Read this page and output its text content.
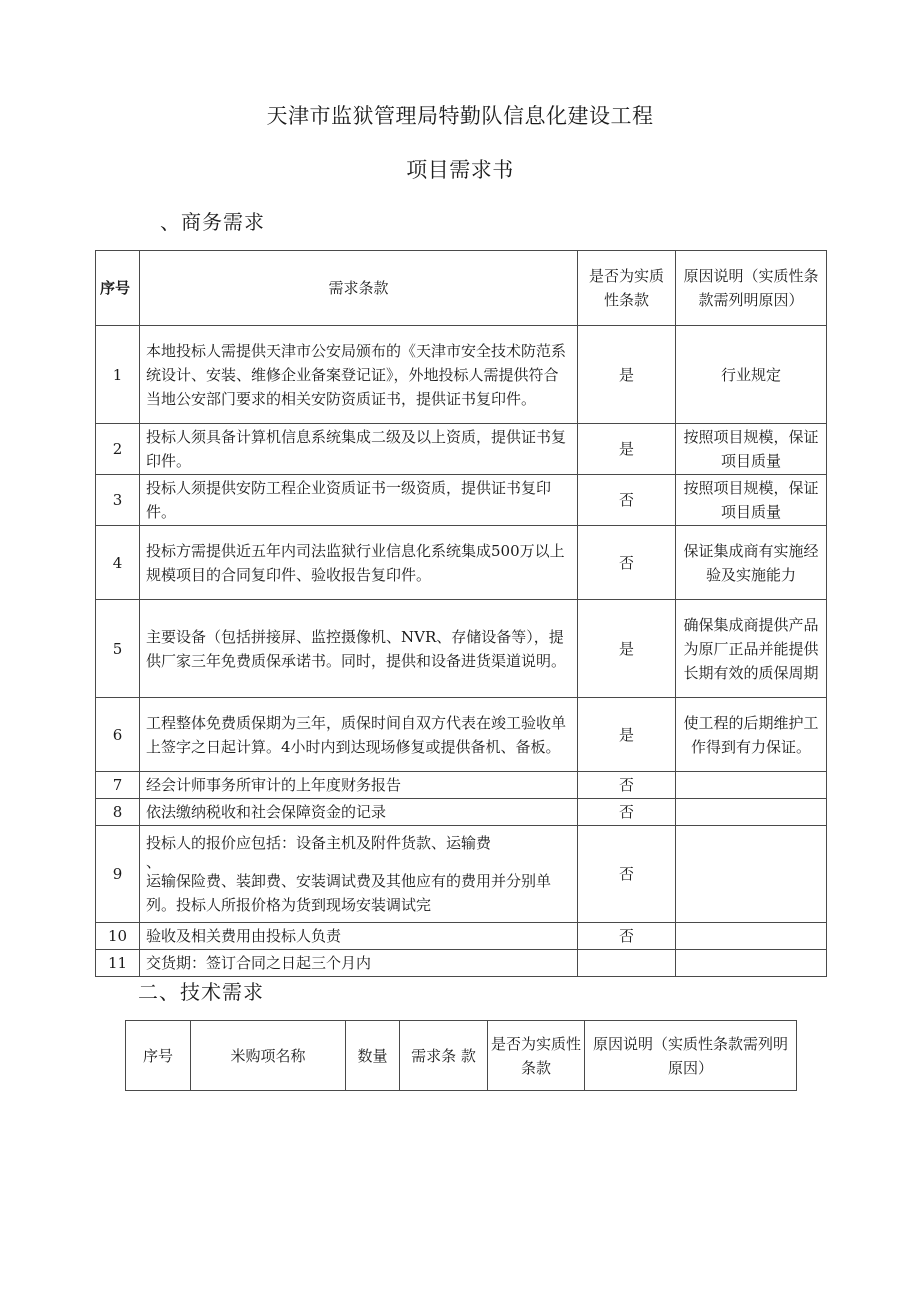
天津市监狱管理局特勤队信息化建设工程
项目需求书
、商务需求
序号	需求条款	是否为实质性条款	原因说明（实质性条款需列明原因）
1	本地投标人需提供天津市公安局颁布的《天津市安全技术防范系统设计、安装、维修企业备案登记证》，外地投标人需提供符合当地公安部门要求的相关安防资质证书，提供证书复印件。	是	行业规定
2	投标人须具备计算机信息系统集成二级及以上资质，提供证书复印件。	是	按照项目规模，保证项目质量
3	投标人须提供安防工程企业资质证书一级资质，提供证书复印件。	否	按照项目规模，保证项目质量
4	投标方需提供近五年内司法监狱行业信息化系统集成500万以上规模项目的合同复印件、验收报告复印件。	否	保证集成商有实施经验及实施能力
5	主要设备（包括拼接屏、监控摄像机、NVR、存储设备等），提供厂家三年免费质保承诺书。同时，提供和设备进货渠道说明。	是	确保集成商提供产品为原厂正品并能提供长期有效的质保周期
6	工程整体免费质保期为三年，质保时间自双方代表在竣工验收单上签字之日起计算。4小时内到达现场修复或提供备机、备板。	是	使工程的后期维护工作得到有力保证。
7	经会计师事务所审计的上年度财务报告	否	
8	依法缴纳税收和社会保障资金的记录	否	
9	投标人的报价应包括：设备主机及附件货款、运输费
、
运输保险费、装卸费、安装调试费及其他应有的费用并分别单列。投标人所报价格为货到现场安装调试完	否	
10	验收及相关费用由投标人负责	否	
11	交货期：签订合同之日起三个月内		
二、技术需求
序号	米购项名称	数量	需求条 款	是否为实质性条款	原因说明（实质性条款需列明原因）
